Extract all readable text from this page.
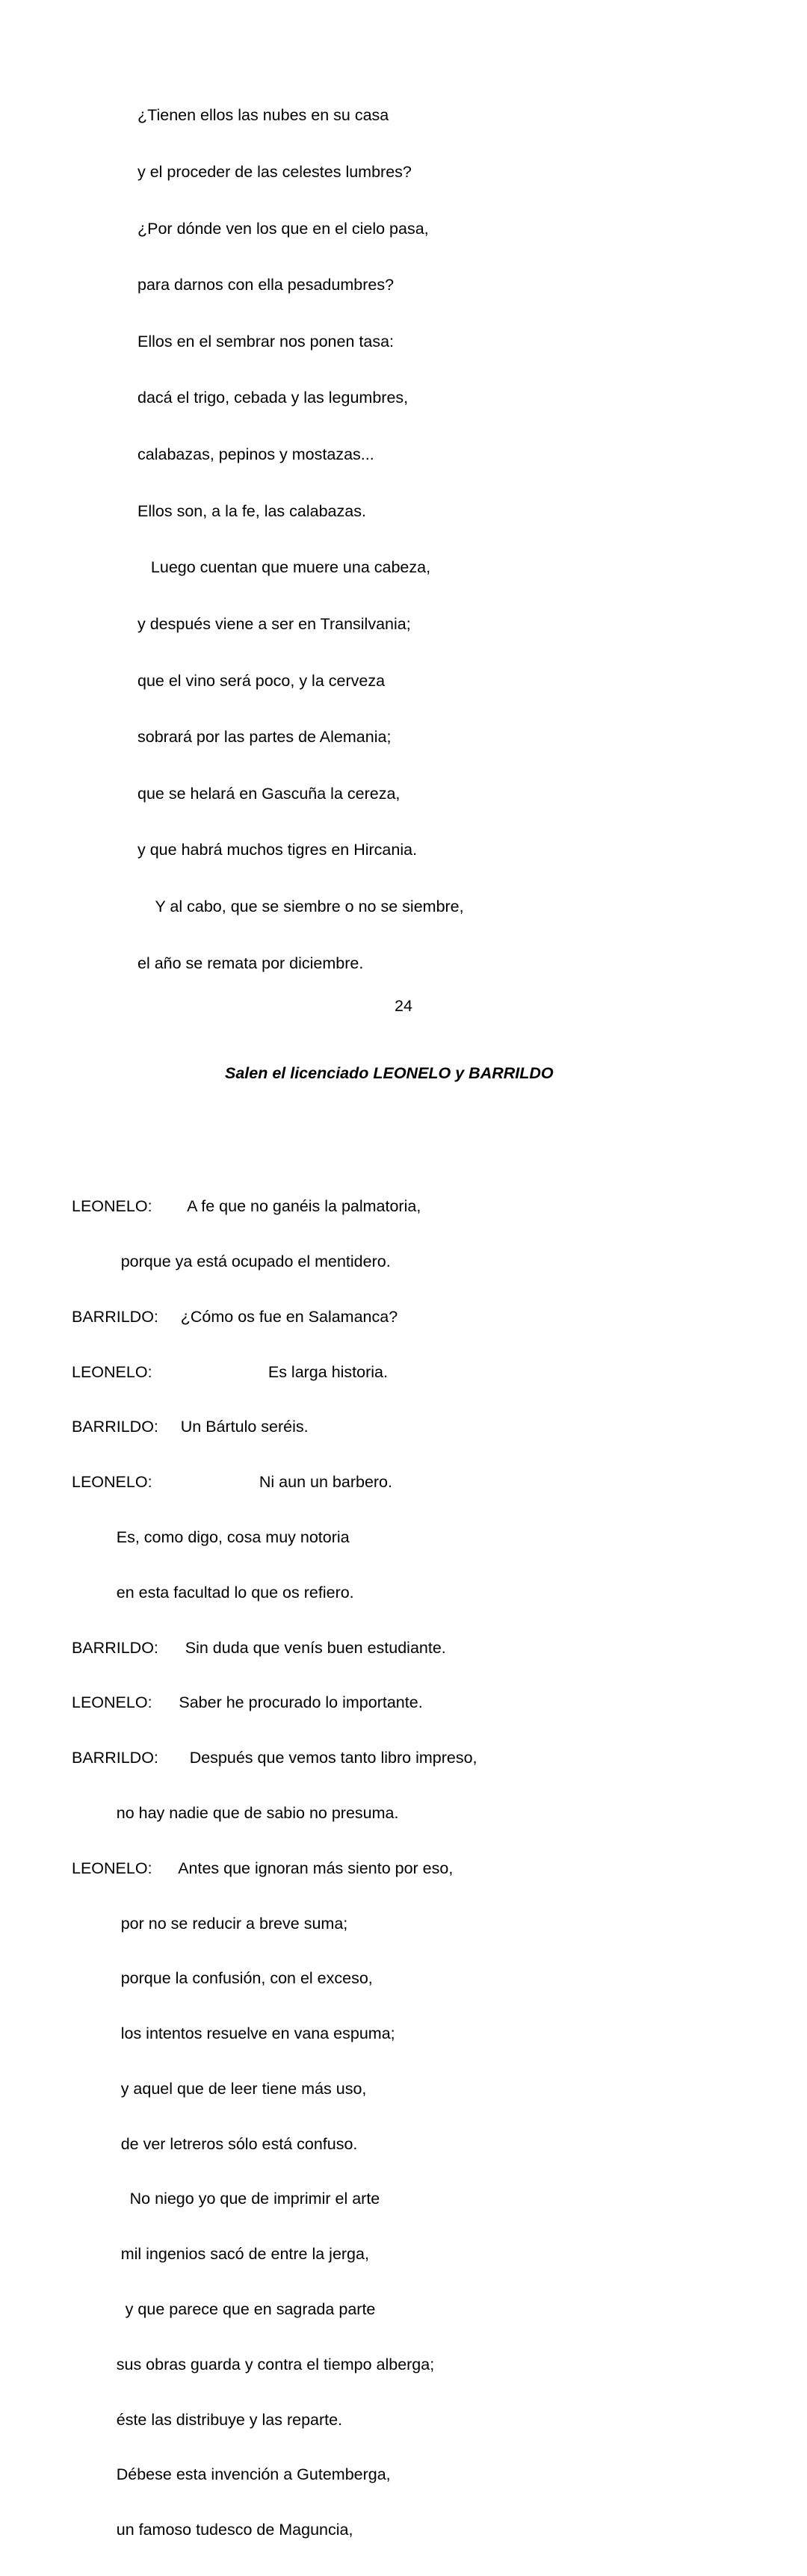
¿Tienen ellos las nubes en su casa

y el proceder de las celestes lumbres?

¿Por dónde ven los que en el cielo pasa,

para darnos con ella pesadumbres?

Ellos en el sembrar nos ponen tasa:

dacá el trigo, cebada y las legumbres,

calabazas, pepinos y mostazas...

Ellos son, a la fe, las calabazas.

Luego cuentan que muere una cabeza,

y después viene a ser en Transilvania;

que el vino será poco, y la cerveza

sobrará por las partes de Alemania;

que se helará en Gascuña la cereza,

y que habrá muchos tigres en Hircania.

Y al cabo, que se siembre o no se siembre,

el año se remata por diciembre.

Salen el licenciado LEONELO y BARRILDO

LEONELO:        A fe que no ganéis la palmatoria,

porque ya está ocupado el mentidero.

BARRILDO:     ¿Cómo os fue en Salamanca?

LEONELO:                          Es larga historia.

BARRILDO:     Un Bártulo seréis.

LEONELO:                        Ni aun un barbero.

Es, como digo, cosa muy notoria

en esta facultad lo que os refiero.

BARRILDO:      Sin duda que venís buen estudiante.

LEONELO:      Saber he procurado lo importante.

BARRILDO:       Después que vemos tanto libro impreso,

no hay nadie que de sabio no presuma.

LEONELO:      Antes que ignoran más siento por eso,

por no se reducir a breve suma;

porque la confusión, con el exceso,

los intentos resuelve en vana espuma;

y aquel que de leer tiene más uso,

de ver letreros sólo está confuso.

No niego yo que de imprimir el arte

mil ingenios sacó de entre la jerga,

y que parece que en sagrada parte

sus obras guarda y contra el tiempo alberga;

éste las distribuye y las reparte.

Débese esta invención a Gutemberga,

un famoso tudesco de Maguncia,

24
